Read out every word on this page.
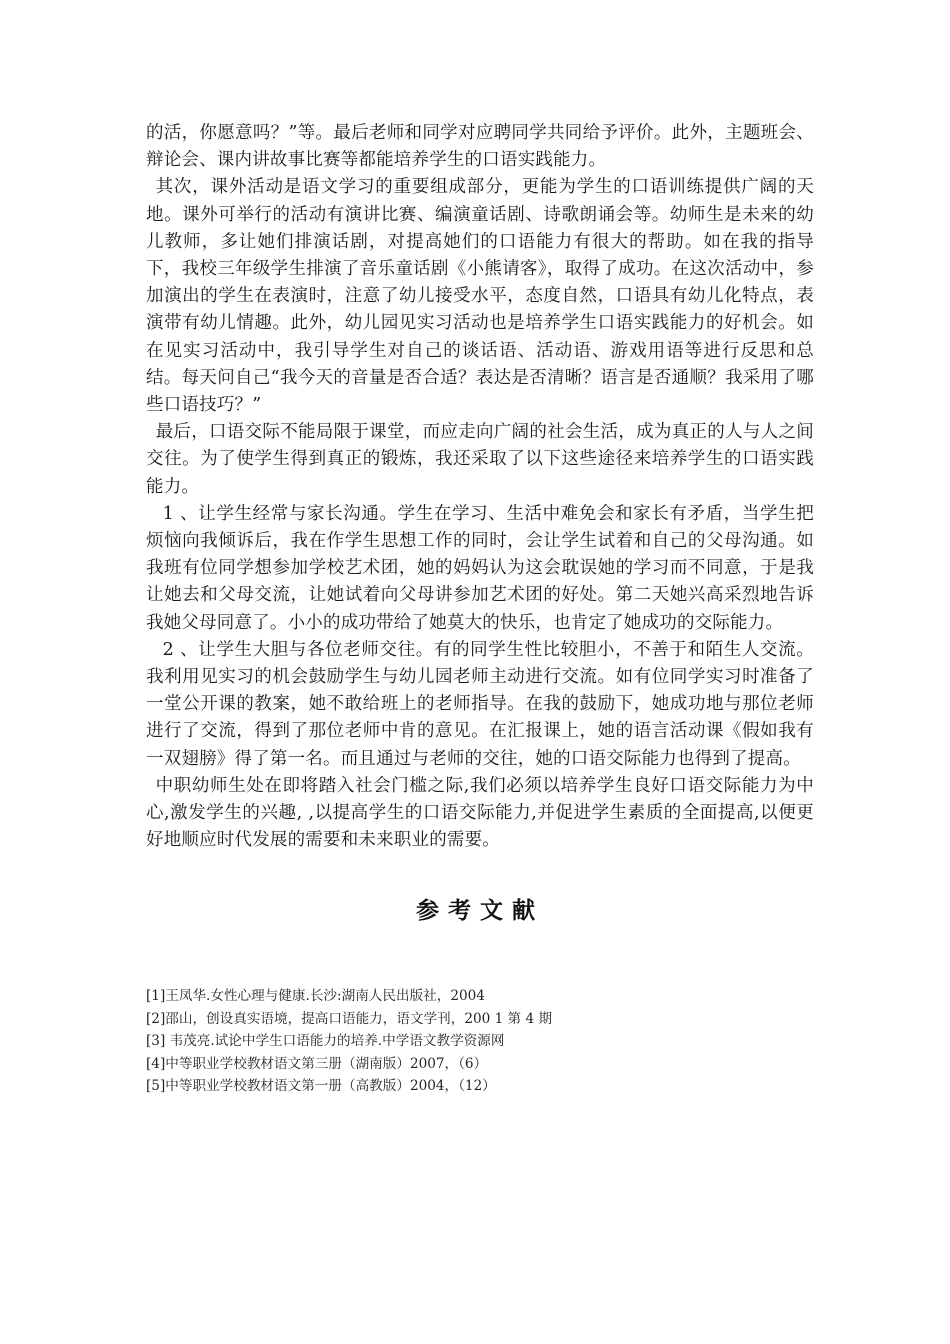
的活，你愿意吗？”等。最后老师和同学对应聘同学共同给予评价。此外，主题班会、辩论会、课内讲故事比赛等都能培养学生的口语实践能力。

其次，课外活动是语文学习的重要组成部分，更能为学生的口语训练提供广阔的天地。课外可举行的活动有演讲比赛、编演童话剧、诗歌朗诵会等。幼师生是未来的幼儿教师，多让她们排演话剧，对提高她们的口语能力有很大的帮助。如在我的指导下，我校三年级学生排演了音乐童话剧《小熊请客》，取得了成功。在这次活动中，参加演出的学生在表演时，注意了幼儿接受水平，态度自然，口语具有幼儿化特点，表演带有幼儿情趣。此外，幼儿园见实习活动也是培养学生口语实践能力的好机会。如在见实习活动中，我引导学生对自己的谈话语、活动语、游戏用语等进行反思和总结。每天问自己“我今天的音量是否合适？表达是否清晰？语言是否通顺？我采用了哪些口语技巧？”

最后，口语交际不能局限于课堂，而应走向广阔的社会生活，成为真正的人与人之间交往。为了使学生得到真正的锻炼，我还采取了以下这些途径来培养学生的口语实践能力。

1 、让学生经常与家长沟通。学生在学习、生活中难免会和家长有矛盾，当学生把烦恼向我倾诉后，我在作学生思想工作的同时，会让学生试着和自己的父母沟通。如我班有位同学想参加学校艺术团，她的妈妈认为这会耽误她的学习而不同意，于是我让她去和父母交流，让她试着向父母讲参加艺术团的好处。第二天她兴高采烈地告诉我她父母同意了。小小的成功带给了她莫大的快乐，也肯定了她成功的交际能力。

2 、让学生大胆与各位老师交往。有的同学生性比较胆小，不善于和陌生人交流。我利用见实习的机会鼓励学生与幼儿园老师主动进行交流。如有位同学实习时准备了一堂公开课的教案，她不敢给班上的老师指导。在我的鼓励下，她成功地与那位老师进行了交流，得到了那位老师中肯的意见。在汇报课上，她的语言活动课《假如我有一双翅膀》得了第一名。而且通过与老师的交往，她的口语交际能力也得到了提高。

中职幼师生处在即将踏入社会门槛之际,我们必须以培养学生良好口语交际能力为中心,激发学生的兴趣, ,以提高学生的口语交际能力,并促进学生素质的全面提高,以便更好地顺应时代发展的需要和未来职业的需要。

参考文献
[1]王凤华.女性心理与健康.长沙:湖南人民出版社，2004
[2]邵山，创设真实语境，提高口语能力，语文学刊，200 1 第 4 期
[3] 韦茂亮.试论中学生口语能力的培养.中学语文教学资源网
[4]中等职业学校教材语文第三册（湖南版）2007，（6）
[5]中等职业学校教材语文第一册（高教版）2004，（12）
